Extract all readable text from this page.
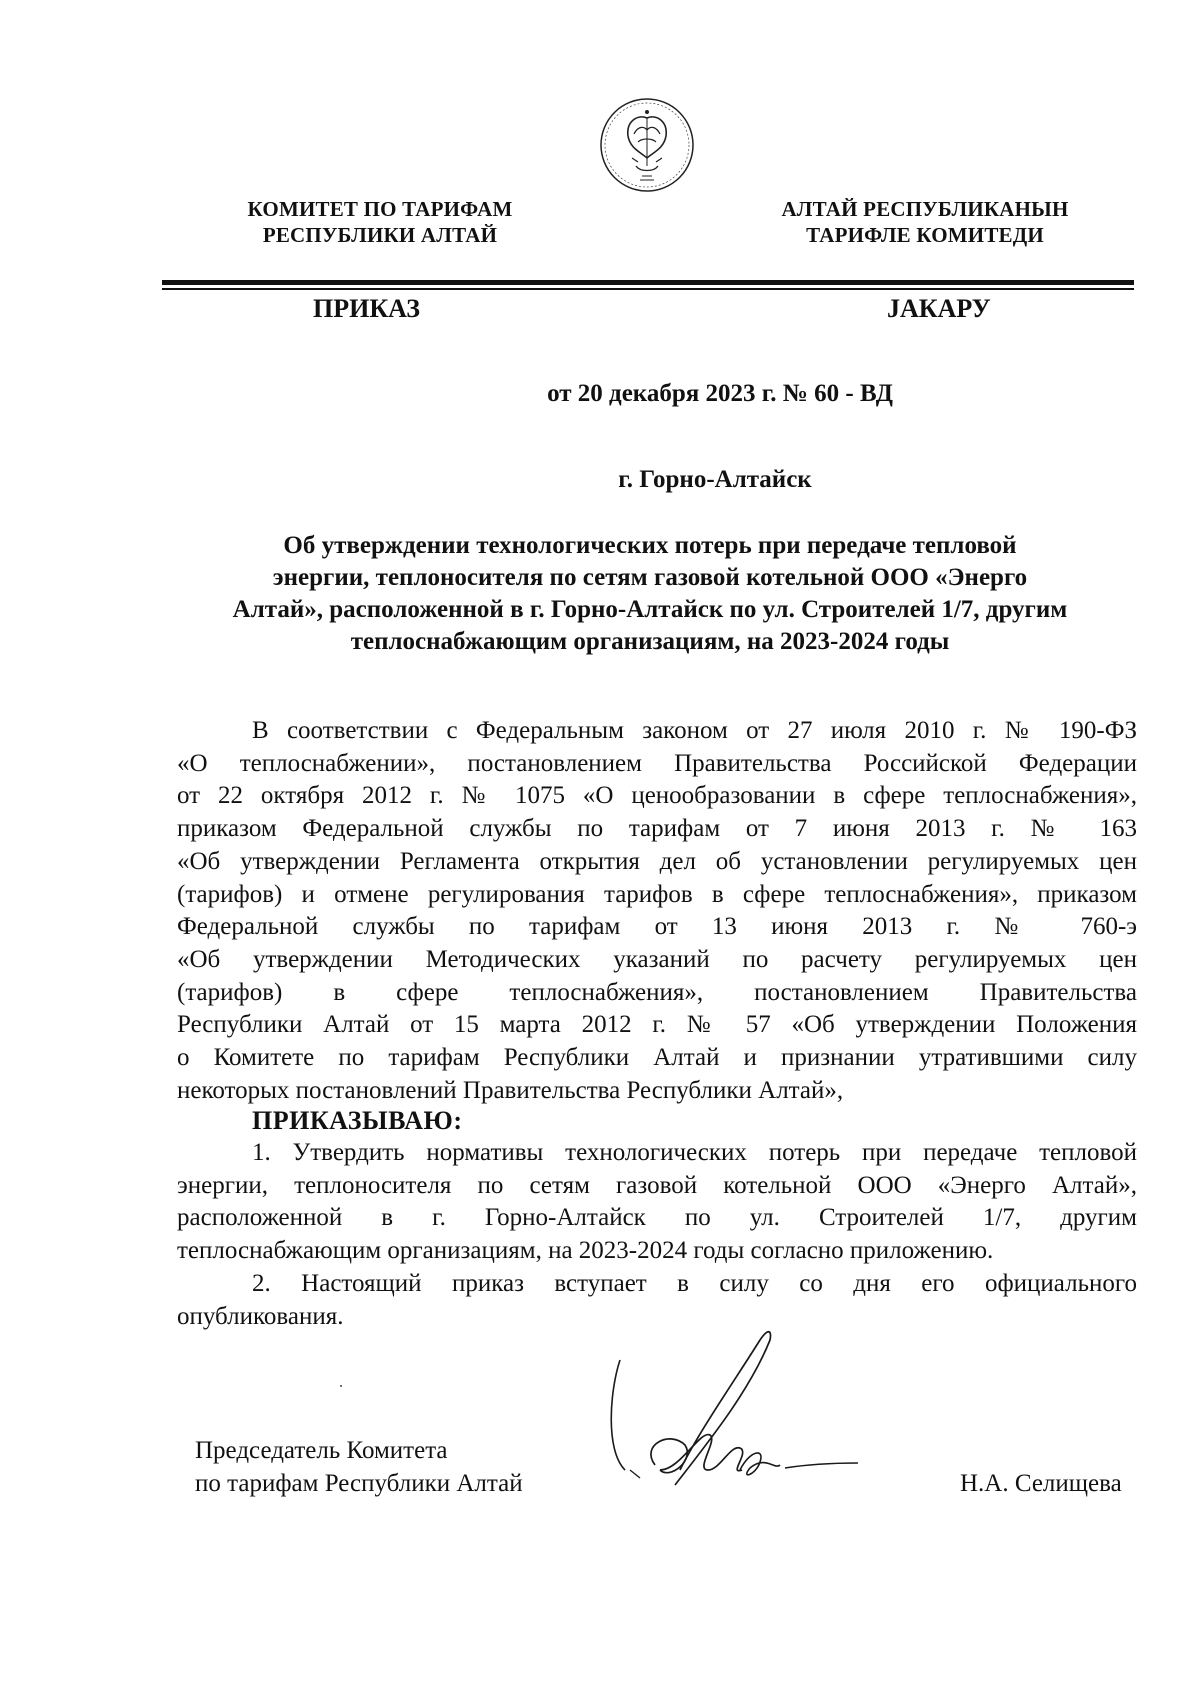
КОМИТЕТ ПО ТАРИФАМ
РЕСПУБЛИКИ АЛТАЙ
АЛТАЙ РЕСПУБЛИКАНЫН
ТАРИФЛЕ КОМИТЕДИ
ПРИКАЗ	JАКАРУ
от 20 декабря 2023 г. № 60 - ВД
г. Горно-Алтайск
Об утверждении технологических потерь при передаче тепловой
энергии, теплоносителя по сетям газовой котельной ООО «Энерго
Алтай», расположенной в г. Горно-Алтайск по ул. Строителей 1/7, другим
теплоснабжающим организациям, на 2023-2024 годы
В соответствии с Федеральным законом от 27 июля 2010 г. № 190-ФЗ
«О теплоснабжении», постановлением Правительства Российской Федерации
от 22 октября 2012 г. № 1075 «О ценообразовании в сфере теплоснабжения»,
приказом Федеральной службы по тарифам от 7 июня 2013 г. № 163
«Об утверждении Регламента открытия дел об установлении регулируемых цен
(тарифов) и отмене регулирования тарифов в сфере теплоснабжения», приказом
Федеральной службы по тарифам от 13 июня 2013 г. № 760-э
«Об утверждении Методических указаний по расчету регулируемых цен
(тарифов) в сфере теплоснабжения», постановлением Правительства
Республики Алтай от 15 марта 2012 г. № 57 «Об утверждении Положения
о Комитете по тарифам Республики Алтай и признании утратившими силу
некоторых постановлений Правительства Республики Алтай»,
ПРИКАЗЫВАЮ:
1. Утвердить нормативы технологических потерь при передаче тепловой
энергии, теплоносителя по сетям газовой котельной ООО «Энерго Алтай»,
расположенной в г. Горно-Алтайск по ул. Строителей 1/7, другим
теплоснабжающим организациям, на 2023-2024 годы согласно приложению.
2. Настоящий приказ вступает в силу со дня его официального
опубликования.
Председатель Комитета
по тарифам Республики Алтай	Н.А. Селищева
